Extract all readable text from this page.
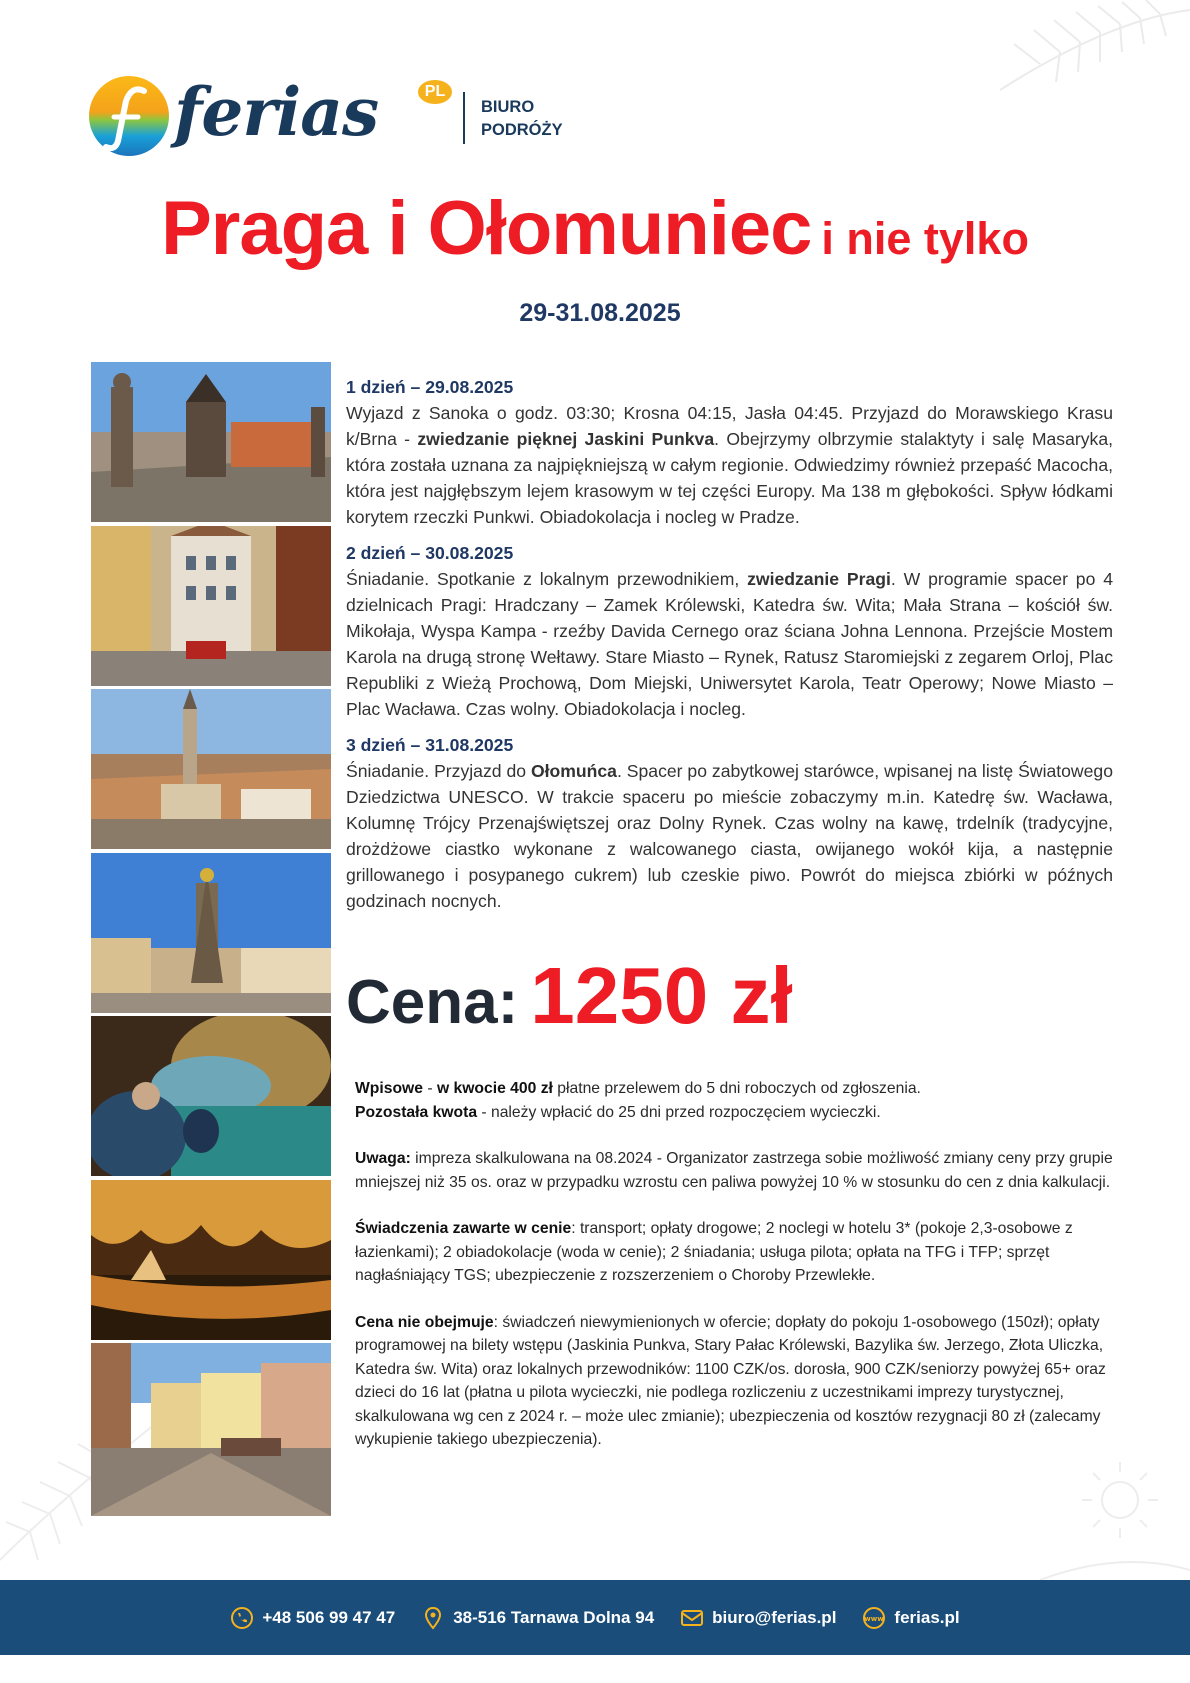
ferias	PL
BIURO
PODRÓŻY
Praga i Ołomuniec i nie tylko
29-31.08.2025
1 dzień – 29.08.2025
Wyjazd z Sanoka o godz. 03:30; Krosna 04:15, Jasła 04:45. Przyjazd do Morawskiego Krasu k/Brna - zwiedzanie pięknej Jaskini Punkva. Obejrzymy olbrzymie stalaktyty i salę Masaryka, która została uznana za najpiękniejszą w całym regionie. Odwiedzimy również przepaść Macocha, która jest najgłębszym lejem krasowym w tej części Europy. Ma 138 m głębokości. Spływ łódkami korytem rzeczki Punkwi. Obiadokolacja i nocleg w Pradze.
2 dzień – 30.08.2025
Śniadanie. Spotkanie z lokalnym przewodnikiem, zwiedzanie Pragi. W programie spacer po 4 dzielnicach Pragi: Hradczany – Zamek Królewski, Katedra św. Wita; Mała Strana – kościół św. Mikołaja, Wyspa Kampa - rzeźby Davida Cernego oraz ściana Johna Lennona. Przejście Mostem Karola na drugą stronę Wełtawy. Stare Miasto – Rynek, Ratusz Staromiejski z zegarem Orloj, Plac Republiki z Wieżą Prochową, Dom Miejski, Uniwersytet Karola, Teatr Operowy; Nowe Miasto – Plac Wacława. Czas wolny. Obiadokolacja i nocleg.
3 dzień – 31.08.2025
Śniadanie. Przyjazd do Ołomuńca. Spacer po zabytkowej starówce, wpisanej na listę Światowego Dziedzictwa UNESCO. W trakcie spaceru po mieście zobaczymy m.in. Katedrę św. Wacława, Kolumnę Trójcy Przenajświętszej oraz Dolny Rynek. Czas wolny na kawę, trdelník (tradycyjne, drożdżowe ciastko wykonane z walcowanego ciasta, owijanego wokół kija, a następnie grillowanego i posypanego cukrem) lub czeskie piwo. Powrót do miejsca zbiórki w późnych godzinach nocnych.
Cena: 1250 zł

Wpisowe - w kwocie 400 zł płatne przelewem do 5 dni roboczych od zgłoszenia.

Pozostała kwota - należy wpłacić do 25 dni przed rozpoczęciem wycieczki.

Uwaga: impreza skalkulowana na 08.2024 - Organizator zastrzega sobie możliwość zmiany ceny przy grupie mniejszej niż 35 os. oraz w przypadku wzrostu cen paliwa powyżej 10 % w stosunku do cen z dnia kalkulacji.

Świadczenia zawarte w cenie: transport; opłaty drogowe; 2 noclegi w hotelu 3* (pokoje 2,3-osobowe z łazienkami); 2 obiadokolacje (woda w cenie); 2 śniadania; usługa pilota; opłata na TFG i TFP; sprzęt nagłaśniający TGS; ubezpieczenie z rozszerzeniem o Choroby Przewlekłe.

Cena nie obejmuje: świadczeń niewymienionych w ofercie; dopłaty do pokoju 1-osobowego (150zł); opłaty programowej na bilety wstępu (Jaskinia Punkva, Stary Pałac Królewski, Bazylika św. Jerzego, Złota Uliczka, Katedra św. Wita) oraz lokalnych przewodników: 1100 CZK/os. dorosła, 900 CZK/seniorzy powyżej 65+ oraz dzieci do 16 lat (płatna u pilota wycieczki, nie podlega rozliczeniu z uczestnikami imprezy turystycznej, skalkulowana wg cen z 2024 r. – może ulec zmianie); ubezpieczenia od kosztów rezygnacji 80 zł (zalecamy wykupienie takiego ubezpieczenia).

+48 506 99 47 47	38-516 Tarnawa Dolna 94	biuro@ferias.pl	www ferias.pl
